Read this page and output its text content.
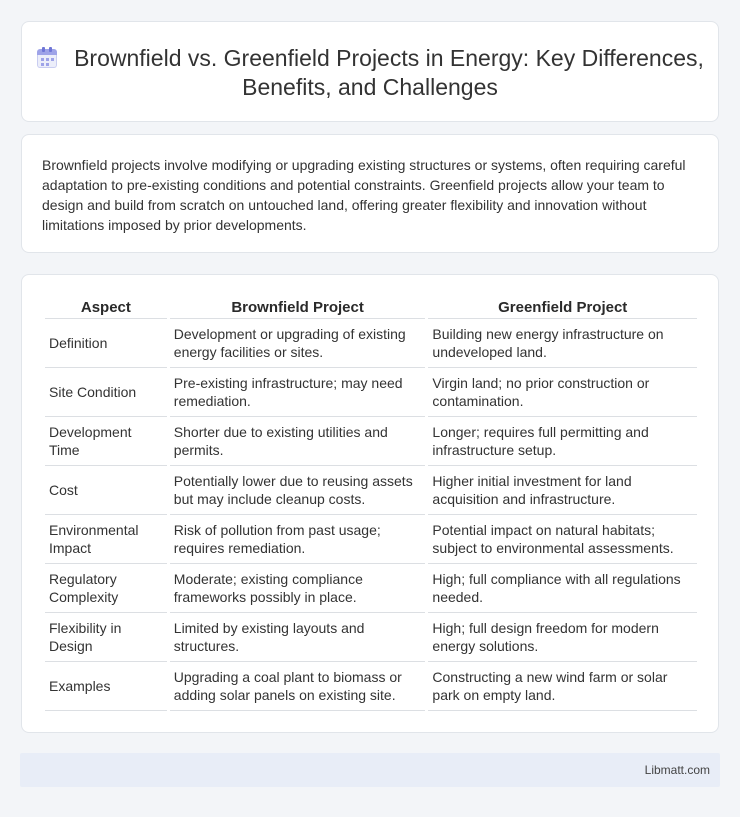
Brownfield vs. Greenfield Projects in Energy: Key Differences, Benefits, and Challenges

Brownfield projects involve modifying or upgrading existing structures or systems, often requiring careful adaptation to pre-existing conditions and potential constraints. Greenfield projects allow your team to design and build from scratch on untouched land, offering greater flexibility and innovation without limitations imposed by prior developments.

Aspect	Brownfield Project	Greenfield Project
Definition	Development or upgrading of existing energy facilities or sites.	Building new energy infrastructure on undeveloped land.
Site Condition	Pre-existing infrastructure; may need remediation.	Virgin land; no prior construction or contamination.
Development Time	Shorter due to existing utilities and permits.	Longer; requires full permitting and infrastructure setup.
Cost	Potentially lower due to reusing assets but may include cleanup costs.	Higher initial investment for land acquisition and infrastructure.
Environmental Impact	Risk of pollution from past usage; requires remediation.	Potential impact on natural habitats; subject to environmental assessments.
Regulatory Complexity	Moderate; existing compliance frameworks possibly in place.	High; full compliance with all regulations needed.
Flexibility in Design	Limited by existing layouts and structures.	High; full design freedom for modern energy solutions.
Examples	Upgrading a coal plant to biomass or adding solar panels on existing site.	Constructing a new wind farm or solar park on empty land.
Libmatt.com
